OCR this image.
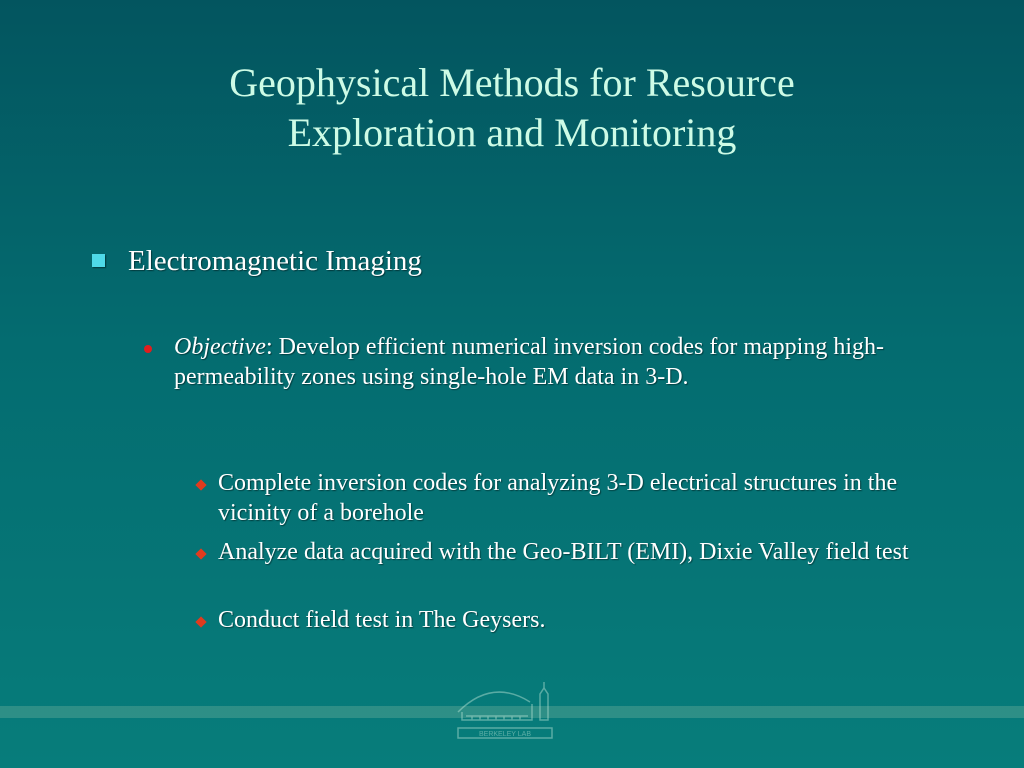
Geophysical Methods for Resource
Exploration and Monitoring
Electromagnetic Imaging
Objective: Develop efficient numerical inversion codes for mapping high-permeability zones using single-hole EM data in 3-D.
Complete inversion codes for analyzing 3-D electrical structures in the vicinity of a borehole
Analyze data acquired with the Geo-BILT (EMI), Dixie Valley field test
Conduct field test in The Geysers.
BERKELEY LAB
